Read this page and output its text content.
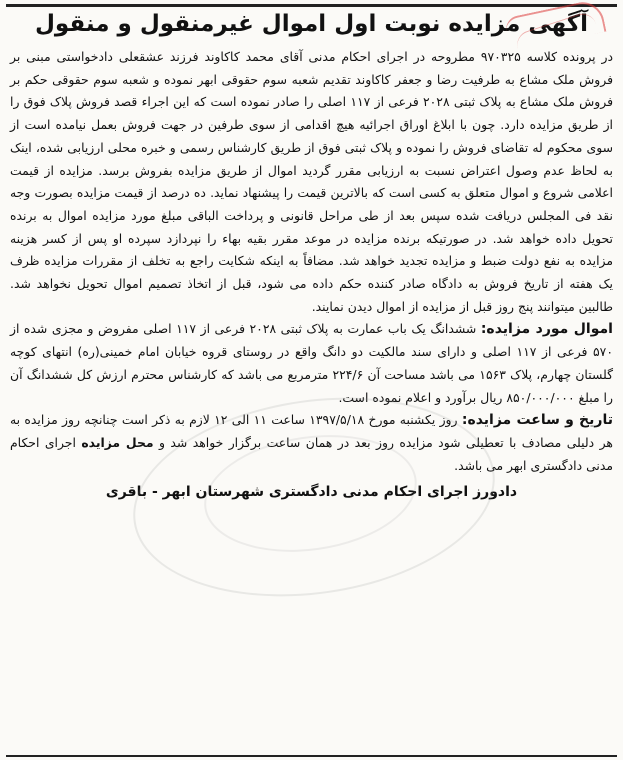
آگهی مزایده نوبت اول اموال غیرمنقول و منقول

در پرونده کلاسه ۹۷۰۳۲۵ مطروحه در اجرای احکام مدنی آقای محمد کاکاوند فرزند عشقعلی دادخواستی مبنی بر فروش ملک مشاع به طرفیت رضا و جعفر کاکاوند تقدیم شعبه سوم حقوقی ابهر نموده و شعبه سوم حقوقی حکم بر فروش ملک مشاع به پلاک ثبتی ۲۰۲۸ فرعی از ۱۱۷ اصلی را صادر نموده است که این اجراء قصد فروش پلاک فوق را از طریق مزایده دارد. چون با ابلاغ اوراق اجرائیه هیچ اقدامی از سوی طرفین در جهت فروش بعمل نیامده است از سوی محکوم له تقاضای فروش را نموده و پلاک ثبتی فوق از طریق کارشناس رسمی و خبره محلی ارزیابی شده، اینک به لحاظ عدم وصول اعتراض نسبت به ارزیابی مقرر گردید اموال از طریق مزایده بفروش برسد. مزایده از قیمت اعلامی شروع و اموال متعلق به کسی است که بالاترین قیمت را پیشنهاد نماید. ده درصد از قیمت مزایده بصورت وجه نقد فی المجلس دریافت شده سپس بعد از طی مراحل قانونی و پرداخت الباقی مبلغ مورد مزایده اموال به برنده تحویل داده خواهد شد. در صورتیکه برنده مزایده در موعد مقرر بقیه بهاء را نپردازد سپرده او پس از کسر هزینه مزایده به نفع دولت ضبط و مزایده تجدید خواهد شد. مضافاً به اینکه شکایت راجع به تخلف از مقررات مزایده ظرف یک هفته از تاریخ فروش به دادگاه صادر کننده حکم داده می شود، قبل از اتخاذ تصمیم اموال تحویل نخواهد شد. طالبین میتوانند پنج روز قبل از مزایده از اموال دیدن نمایند.

اموال مورد مزایده: ششدانگ یک باب عمارت به پلاک ثبتی ۲۰۲۸ فرعی از ۱۱۷ اصلی مفروض و مجزی شده از ۵۷۰ فرعی از ۱۱۷ اصلی و دارای سند مالکیت دو دانگ واقع در روستای قروه خیابان امام خمینی(ره) انتهای کوچه گلستان چهارم، پلاک ۱۵۶۳ می باشد مساحت آن ۲۲۴/۶ مترمربع می باشد که کارشناس محترم ارزش کل ششدانگ آن را مبلغ ۸۵۰/۰۰۰/۰۰۰ ریال برآورد و اعلام نموده است.

تاریخ و ساعت مزایده: روز یکشنبه مورخ ۱۳۹۷/۵/۱۸ ساعت ۱۱ الی ۱۲ لازم به ذکر است چنانچه روز مزایده به هر دلیلی مصادف با تعطیلی شود مزایده روز بعد در همان ساعت برگزار خواهد شد و محل مزایده اجرای احکام مدنی دادگستری ابهر می باشد.

دادورز اجرای احکام مدنی دادگستری شهرستان ابهر - باقری
